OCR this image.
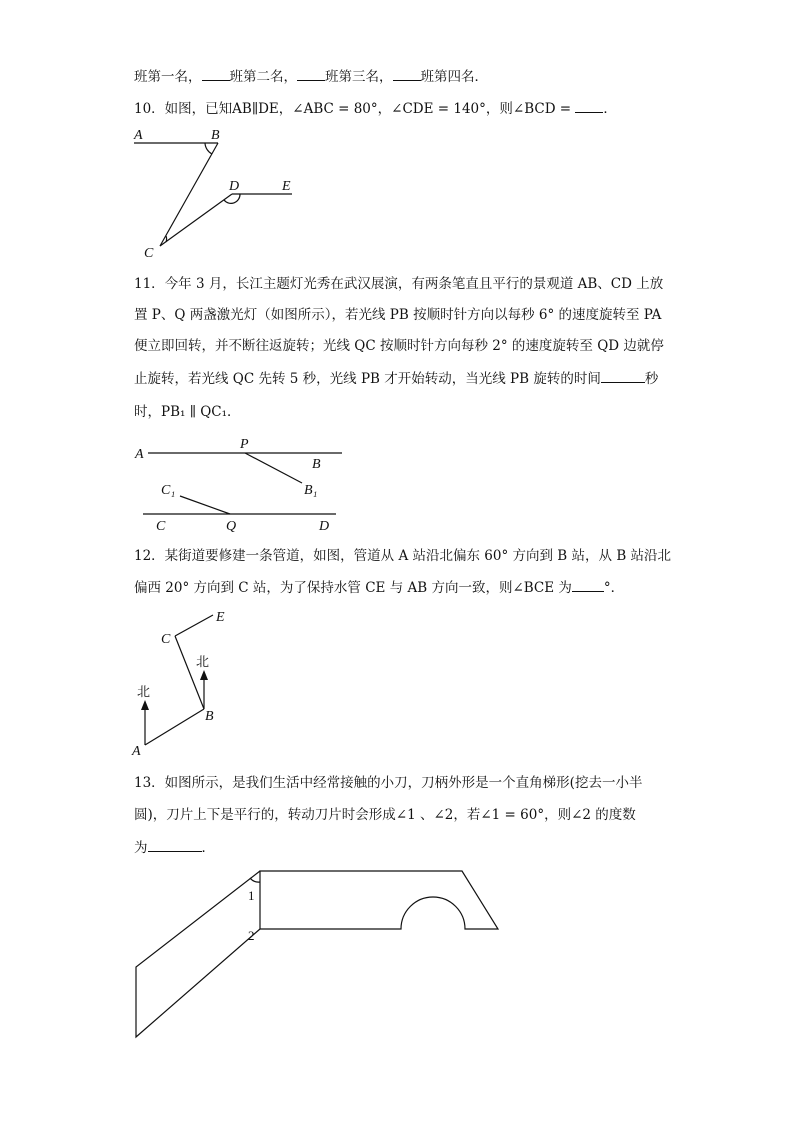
班第一名， 班第二名， 班第三名， 班第四名．
10．如图，已知AB∥DE，∠ABC = 80°，∠CDE = 140°，则∠BCD = ．
A	B
D	E
C
11．今年 3 月，长江主题灯光秀在武汉展演，有两条笔直且平行的景观道 AB、CD 上放
置 P、Q 两盏激光灯（如图所示），若光线 PB 按顺时针方向以每秒 6° 的速度旋转至 PA
便立即回转，并不断往返旋转；光线 QC 按顺时针方向每秒 2° 的速度旋转至 QD 边就停
止旋转，若光线 QC 先转 5 秒，光线 PB 才开始转动，当光线 PB 旋转的时间	秒
时，PB₁ ∥ QC₁．
A
P
B
B₁
C₁
C	Q	D
12．某街道要修建一条管道，如图，管道从 A 站沿北偏东 60° 方向到 B 站，从 B 站沿北
偏西 20° 方向到 C 站，为了保持水管 CE 与 AB 方向一致，则∠BCE 为 °．
E
C
北
北
B
A
13．如图所示，是我们生活中经常接触的小刀，刀柄外形是一个直角梯形(挖去一小半
圆)，刀片上下是平行的，转动刀片时会形成∠1 、∠2，若∠1 = 60°，则∠2 的度数
为	．
1
2
